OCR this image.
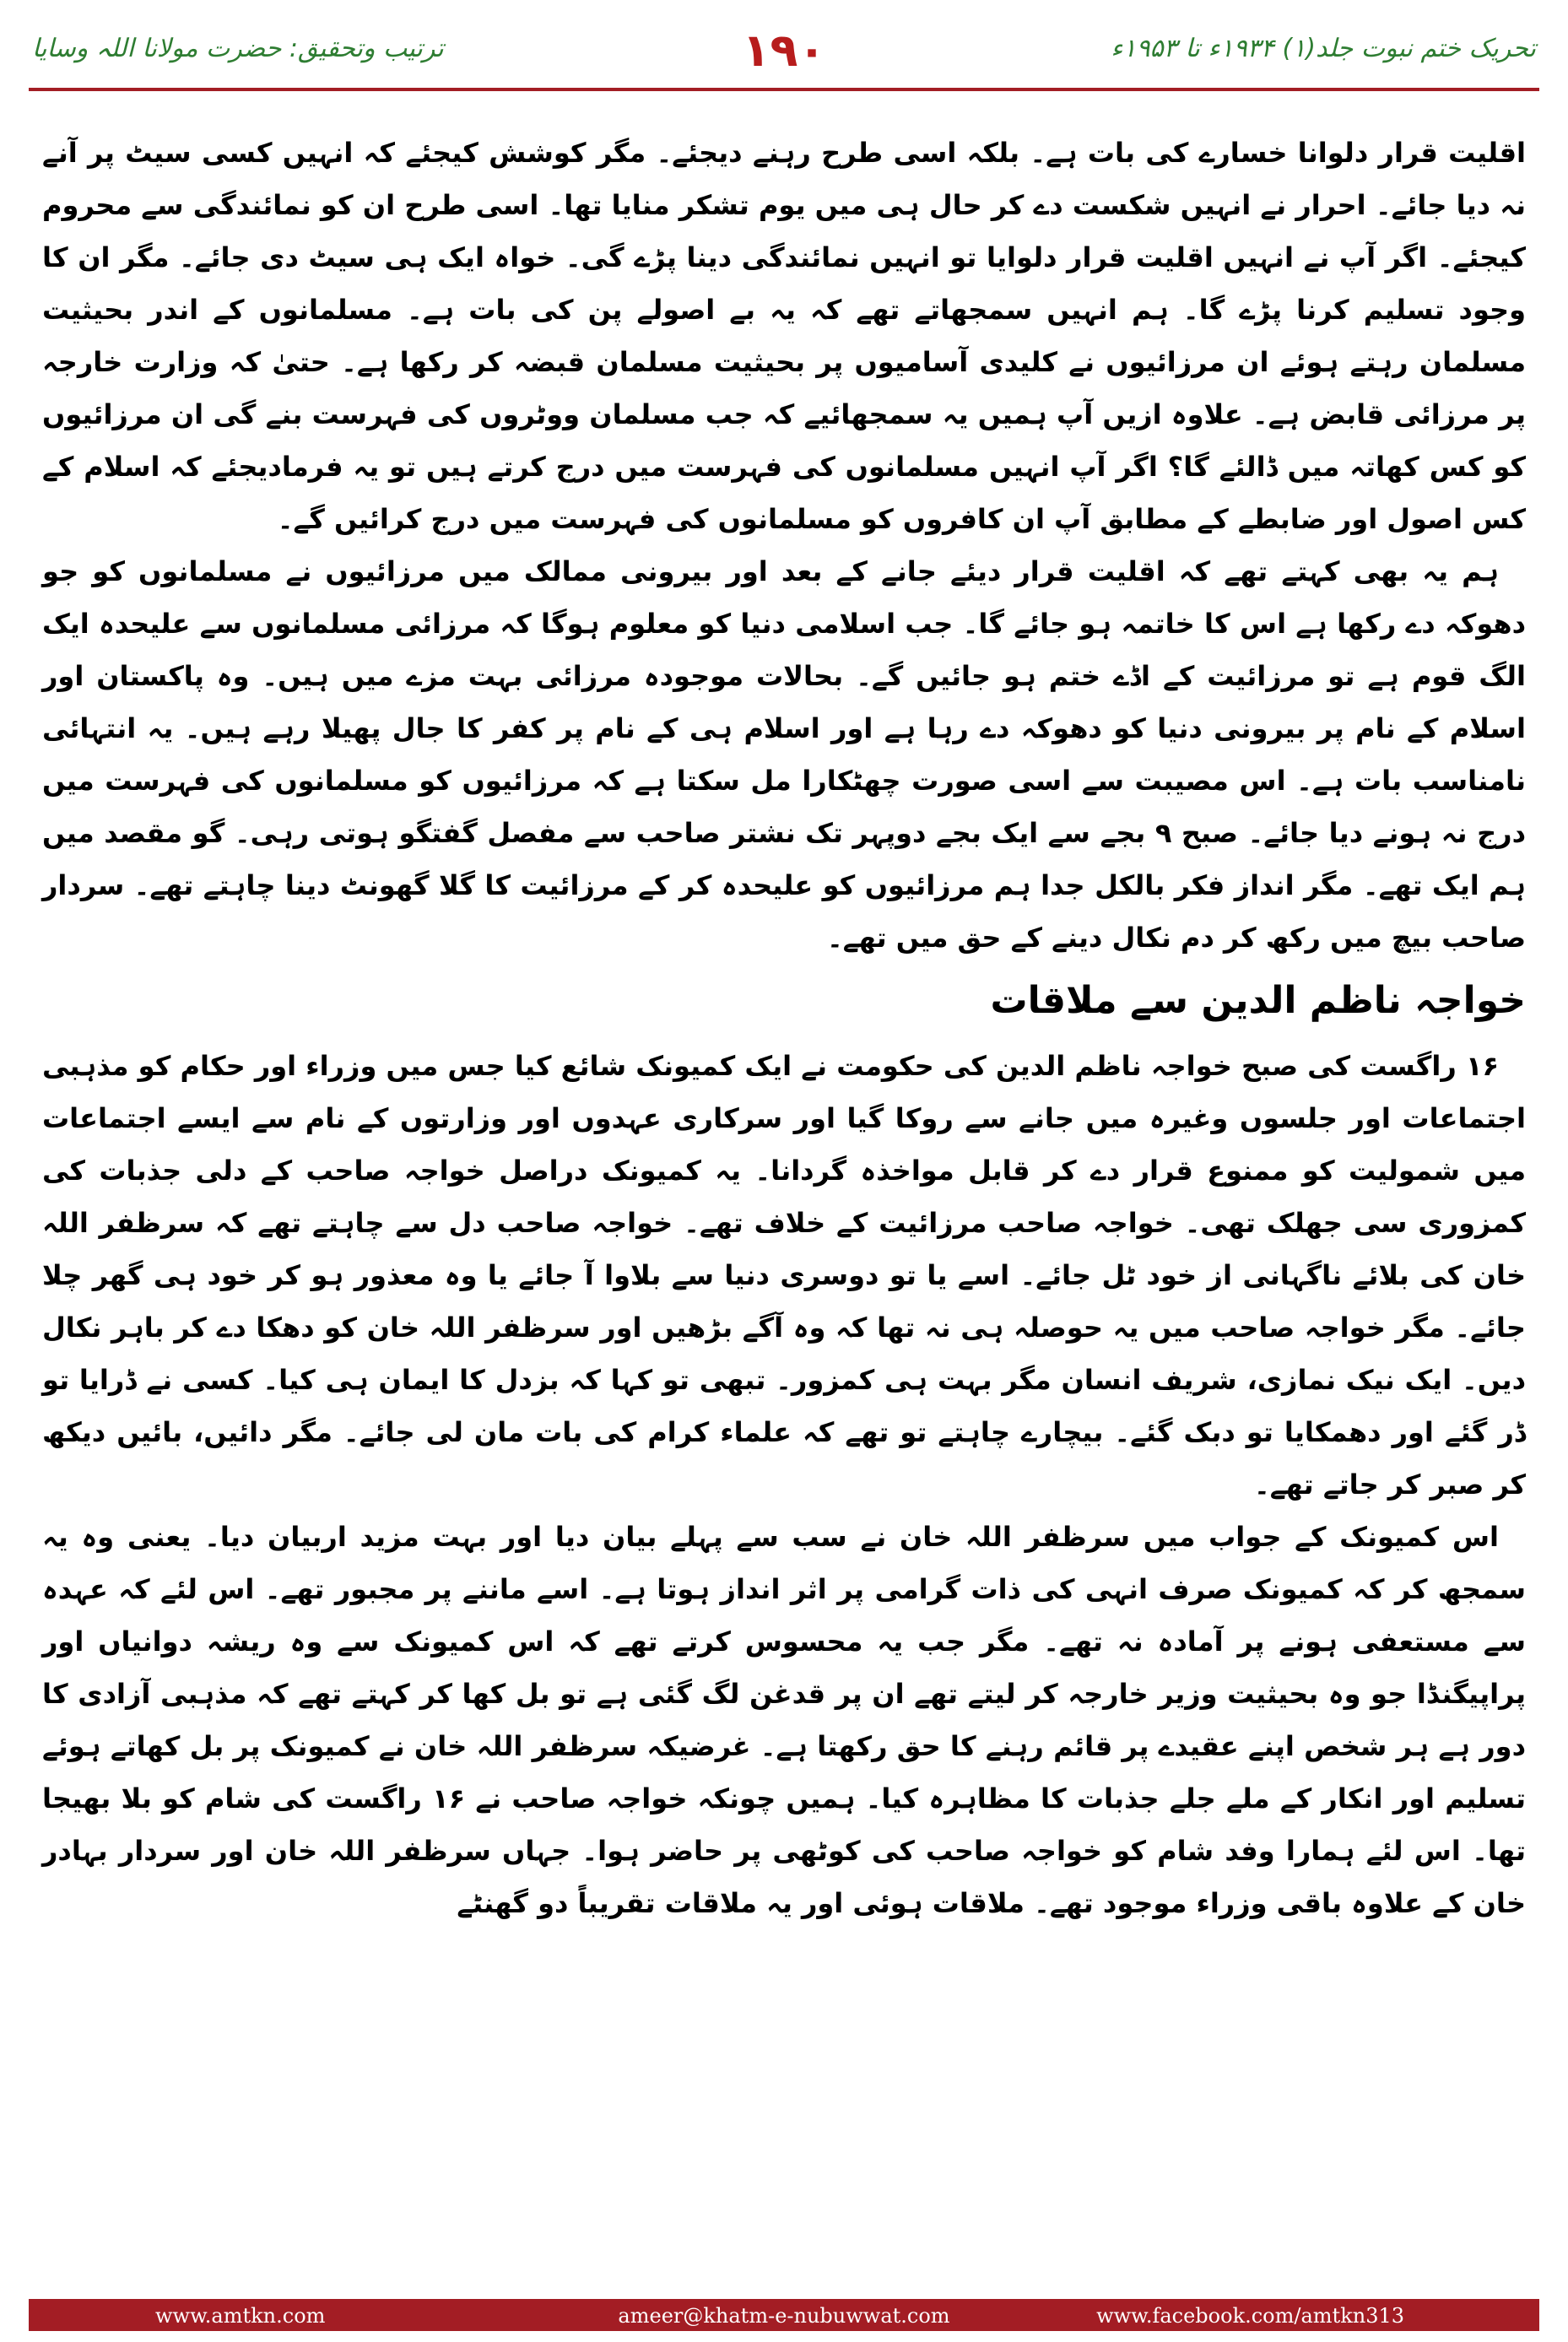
تحریک ختم نبوت جلد(۱) ۱۹۳۴ء تا ۱۹۵۳ء
۱۹۰
ترتیب وتحقیق: حضرت مولانا اللہ وسایا

اقلیت قرار دلوانا خسارے کی بات ہے۔ بلکہ اسی طرح رہنے دیجئے۔ مگر کوشش کیجئے کہ انہیں کسی سیٹ پر آنے نہ دیا جائے۔ احرار نے انہیں شکست دے کر حال ہی میں یوم تشکر منایا تھا۔ اسی طرح ان کو نمائندگی سے محروم کیجئے۔ اگر آپ نے انہیں اقلیت قرار دلوایا تو انہیں نمائندگی دینا پڑے گی۔ خواہ ایک ہی سیٹ دی جائے۔ مگر ان کا وجود تسلیم کرنا پڑے گا۔ ہم انہیں سمجھاتے تھے کہ یہ بے اصولے پن کی بات ہے۔ مسلمانوں کے اندر بحیثیت مسلمان رہتے ہوئے ان مرزائیوں نے کلیدی آسامیوں پر بحیثیت مسلمان قبضہ کر رکھا ہے۔ حتیٰ کہ وزارت خارجہ پر مرزائی قابض ہے۔ علاوہ ازیں آپ ہمیں یہ سمجھائیے کہ جب مسلمان ووٹروں کی فہرست بنے گی ان مرزائیوں کو کس کھاتہ میں ڈالئے گا؟ اگر آپ انہیں مسلمانوں کی فہرست میں درج کرتے ہیں تو یہ فرمادیجئے کہ اسلام کے کس اصول اور ضابطے کے مطابق آپ ان کافروں کو مسلمانوں کی فہرست میں درج کرائیں گے۔

ہم یہ بھی کہتے تھے کہ اقلیت قرار دیئے جانے کے بعد اور بیرونی ممالک میں مرزائیوں نے مسلمانوں کو جو دھوکہ دے رکھا ہے اس کا خاتمہ ہو جائے گا۔ جب اسلامی دنیا کو معلوم ہوگا کہ مرزائی مسلمانوں سے علیحدہ ایک الگ قوم ہے تو مرزائیت کے اڈے ختم ہو جائیں گے۔ بحالات موجودہ مرزائی بہت مزے میں ہیں۔ وہ پاکستان اور اسلام کے نام پر بیرونی دنیا کو دھوکہ دے رہا ہے اور اسلام ہی کے نام پر کفر کا جال پھیلا رہے ہیں۔ یہ انتہائی نامناسب بات ہے۔ اس مصیبت سے اسی صورت چھٹکارا مل سکتا ہے کہ مرزائیوں کو مسلمانوں کی فہرست میں درج نہ ہونے دیا جائے۔ صبح ۹ بجے سے ایک بجے دوپہر تک نشتر صاحب سے مفصل گفتگو ہوتی رہی۔ گو مقصد میں ہم ایک تھے۔ مگر انداز فکر بالکل جدا ہم مرزائیوں کو علیحدہ کر کے مرزائیت کا گلا گھونٹ دینا چاہتے تھے۔ سردار صاحب بیچ میں رکھ کر دم نکال دینے کے حق میں تھے۔

خواجہ ناظم الدین سے ملاقات

۱۶ راگست کی صبح خواجہ ناظم الدین کی حکومت نے ایک کمیونک شائع کیا جس میں وزراء اور حکام کو مذہبی اجتماعات اور جلسوں وغیرہ میں جانے سے روکا گیا اور سرکاری عہدوں اور وزارتوں کے نام سے ایسے اجتماعات میں شمولیت کو ممنوع قرار دے کر قابل مواخذہ گردانا۔ یہ کمیونک دراصل خواجہ صاحب کے دلی جذبات کی کمزوری سی جھلک تھی۔ خواجہ صاحب مرزائیت کے خلاف تھے۔ خواجہ صاحب دل سے چاہتے تھے کہ سرظفر اللہ خان کی بلائے ناگہانی از خود ٹل جائے۔ اسے یا تو دوسری دنیا سے بلاوا آ جائے یا وہ معذور ہو کر خود ہی گھر چلا جائے۔ مگر خواجہ صاحب میں یہ حوصلہ ہی نہ تھا کہ وہ آگے بڑھیں اور سرظفر اللہ خان کو دھکا دے کر باہر نکال دیں۔ ایک نیک نمازی، شریف انسان مگر بہت ہی کمزور۔ تبھی تو کہا کہ بزدل کا ایمان ہی کیا۔ کسی نے ڈرایا تو ڈر گئے اور دھمکایا تو دبک گئے۔ بیچارے چاہتے تو تھے کہ علماء کرام کی بات مان لی جائے۔ مگر دائیں، بائیں دیکھ کر صبر کر جاتے تھے۔

اس کمیونک کے جواب میں سرظفر اللہ خان نے سب سے پہلے بیان دیا اور بہت مزید اربیان دیا۔ یعنی وہ یہ سمجھ کر کہ کمیونک صرف انہی کی ذات گرامی پر اثر انداز ہوتا ہے۔ اسے ماننے پر مجبور تھے۔ اس لئے کہ عہدہ سے مستعفی ہونے پر آمادہ نہ تھے۔ مگر جب یہ محسوس کرتے تھے کہ اس کمیونک سے وہ ریشہ دوانیاں اور پراپیگنڈا جو وہ بحیثیت وزیر خارجہ کر لیتے تھے ان پر قدغن لگ گئی ہے تو بل کھا کر کہتے تھے کہ مذہبی آزادی کا دور ہے ہر شخص اپنے عقیدے پر قائم رہنے کا حق رکھتا ہے۔ غرضیکہ سرظفر اللہ خان نے کمیونک پر بل کھاتے ہوئے تسلیم اور انکار کے ملے جلے جذبات کا مظاہرہ کیا۔ ہمیں چونکہ خواجہ صاحب نے ۱۶ راگست کی شام کو بلا بھیجا تھا۔ اس لئے ہمارا وفد شام کو خواجہ صاحب کی کوٹھی پر حاضر ہوا۔ جہاں سرظفر اللہ خان اور سردار بہادر خان کے علاوہ باقی وزراء موجود تھے۔ ملاقات ہوئی اور یہ ملاقات تقریباً دو گھنٹے

www.amtkn.com	ameer@khatm-e-nubuwwat.com	www.facebook.com/amtkn313
